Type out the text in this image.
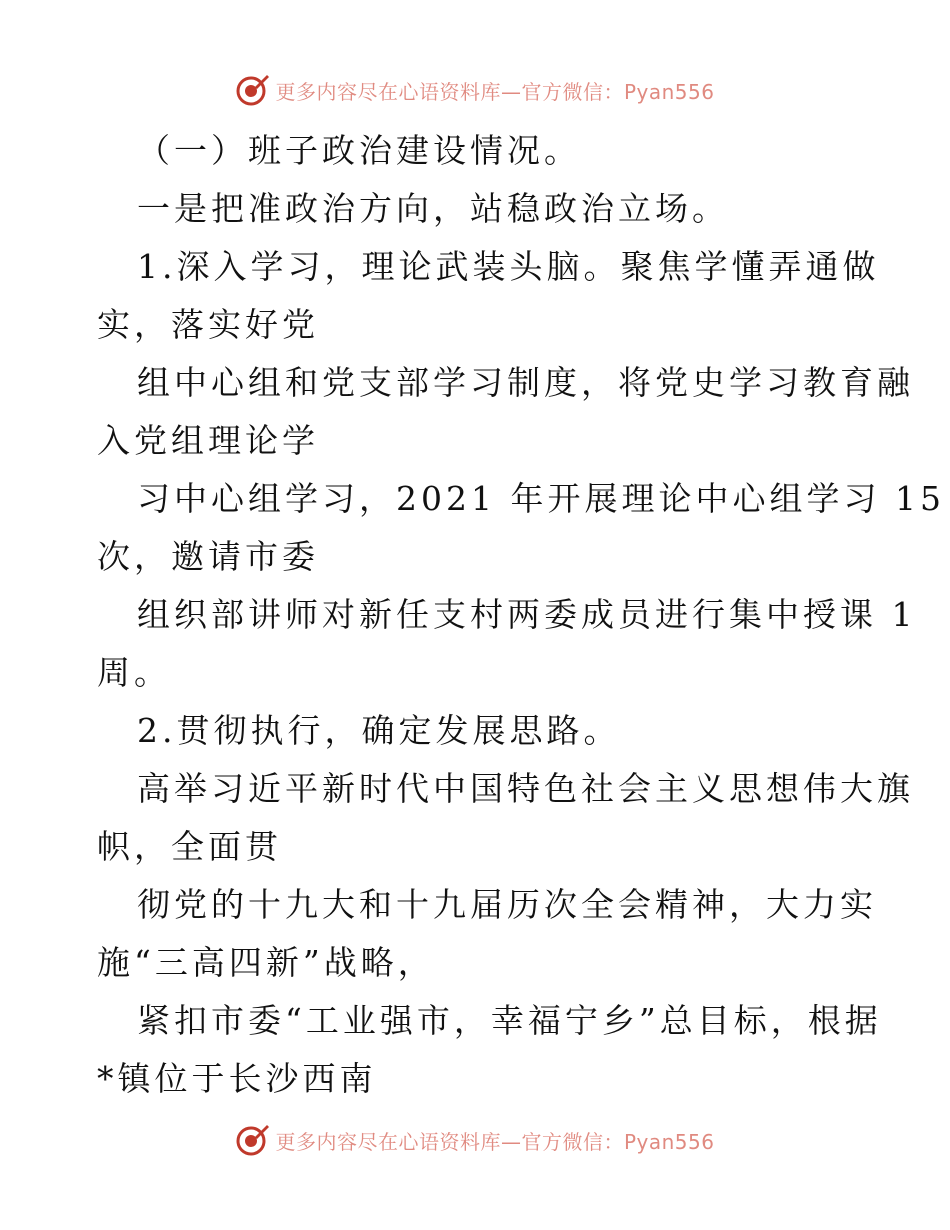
更多内容尽在心语资料库—官方微信：Pyan556
（一）班子政治建设情况。
一是把准政治方向，站稳政治立场。
1.深入学习，理论武装头脑。聚焦学懂弄通做
实，落实好党
组中心组和党支部学习制度，将党史学习教育融
入党组理论学
习中心组学习，2021 年开展理论中心组学习 15
次，邀请市委
组织部讲师对新任支村两委成员进行集中授课 1
周。
2.贯彻执行，确定发展思路。
高举习近平新时代中国特色社会主义思想伟大旗
帜，全面贯
彻党的十九大和十九届历次全会精神，大力实
施“三高四新”战略，
紧扣市委“工业强市，幸福宁乡”总目标，根据
*镇位于长沙西南
更多内容尽在心语资料库—官方微信：Pyan556
